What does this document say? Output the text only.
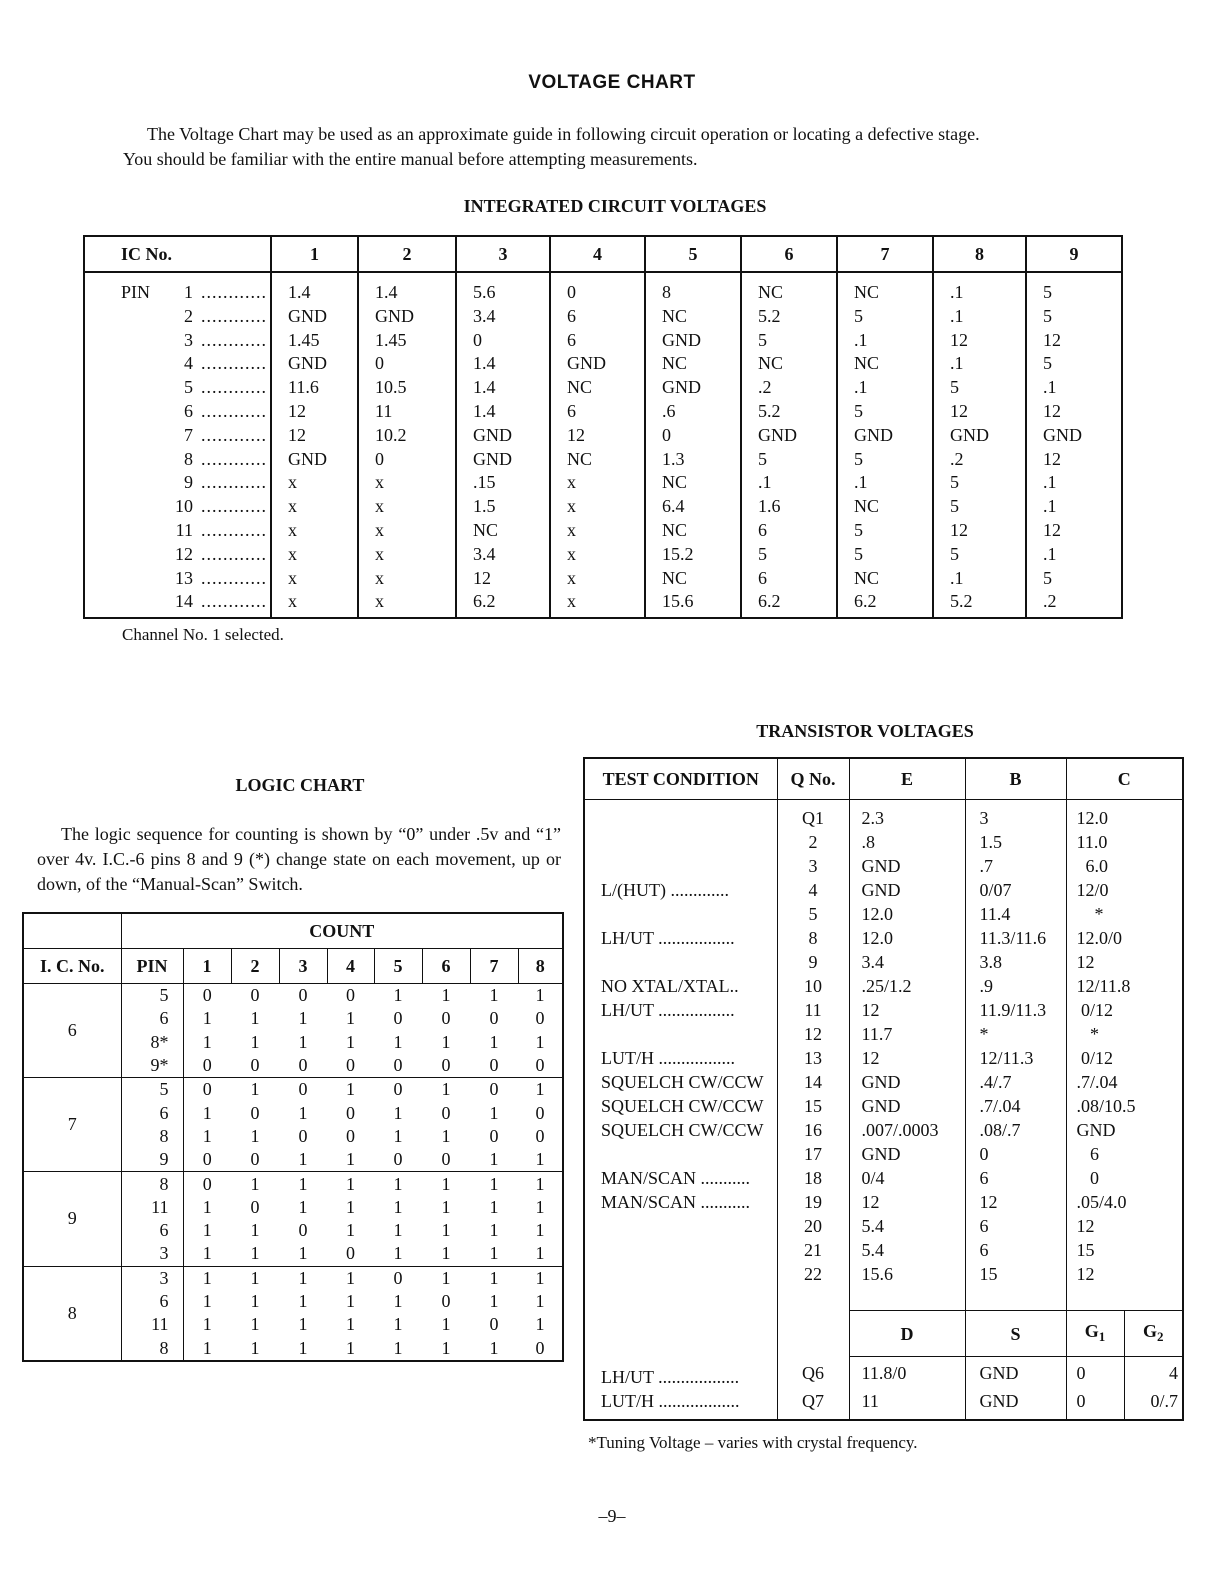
VOLTAGE CHART

The Voltage Chart may be used as an approximate guide in following circuit operation or locating a defective stage.

You should be familiar with the entire manual before attempting measurements.

INTEGRATED CIRCUIT VOLTAGES
IC No.	1	2	3	4	5	6	7	8	9
PIN 1 ............	1.4	1.4	5.6	0	8	NC	NC	.1	5
2 ............	GND	GND	3.4	6	NC	5.2	5	.1	5
3 ............	1.45	1.45	0	6	GND	5	.1	12	12
4 ............	GND	0	1.4	GND	NC	NC	NC	.1	5
5 ............	11.6	10.5	1.4	NC	GND	.2	.1	5	.1
6 ............	12	11	1.4	6	.6	5.2	5	12	12
7 ............	12	10.2	GND	12	0	GND	GND	GND	GND
8 ............	GND	0	GND	NC	1.3	5	5	.2	12
9 ............	x	x	.15	x	NC	.1	.1	5	.1
10 ............	x	x	1.5	x	6.4	1.6	NC	5	.1
11 ............	x	x	NC	x	NC	6	5	12	12
12 ............	x	x	3.4	x	15.2	5	5	5	.1
13 ............	x	x	12	x	NC	6	NC	.1	5
14 ............	x	x	6.2	x	15.6	6.2	6.2	5.2	.2
Channel No. 1 selected.
TRANSISTOR VOLTAGES
LOGIC CHART

The logic sequence for counting is shown by “0” under .5v and “1” over 4v. I.C.-6 pins 8 and 9 (*) change state on each movement, up or down, of the “Manual-Scan” Switch.

	COUNT								
I. C. No.	PIN	1	2	3	4	5	6	7	8
6	5	0	0	0	0	1	1	1	1
	6	1	1	1	1	0	0	0	0
	8*	1	1	1	1	1	1	1	1
	9*	0	0	0	0	0	0	0	0
7	5	0	1	0	1	0	1	0	1
	6	1	0	1	0	1	0	1	0
	8	1	1	0	0	1	1	0	0
	9	0	0	1	1	0	0	1	1
9	8	0	1	1	1	1	1	1	1
	11	1	0	1	1	1	1	1	1
	6	1	1	0	1	1	1	1	1
	3	1	1	1	0	1	1	1	1
8	3	1	1	1	1	0	1	1	1
	6	1	1	1	1	1	0	1	1
	11	1	1	1	1	1	1	0	1
	8	1	1	1	1	1	1	1	0
TEST CONDITION	Q No.	E	B	C	
	Q1	2.3	3	12.0	
	2	.8	1.5	11.0	
	3	GND	.7	6.0	
L/(HUT) .............	4	GND	0/07	12/0	
	5	12.0	11.4	*	
LH/UT .................	8	12.0	11.3/11.6	12.0/0	
	9	3.4	3.8	12	
NO XTAL/XTAL..	10	.25/1.2	.9	12/11.8	
LH/UT .................	11	12	11.9/11.3	0/12	
	12	11.7	*	*	
LUT/H .................	13	12	12/11.3	0/12	
SQUELCH CW/CCW	14	GND	.4/.7	.7/.04	
SQUELCH CW/CCW	15	GND	.7/.04	.08/10.5	
SQUELCH CW/CCW	16	.007/.0003	.08/.7	GND	
	17	GND	0	6	
MAN/SCAN ...........	18	0/4	6	0	
MAN/SCAN ...........	19	12	12	.05/4.0	
	20	5.4	6	12	
	21	5.4	6	15	
	22	15.6	15	12	

		D	S	$G_1$	$G_2$
LH/UT ..................	Q6	11.8/0	GND	0	4
LUT/H ..................	Q7	11	GND	0	0/.7
*Tuning Voltage – varies with crystal frequency.
–9–
